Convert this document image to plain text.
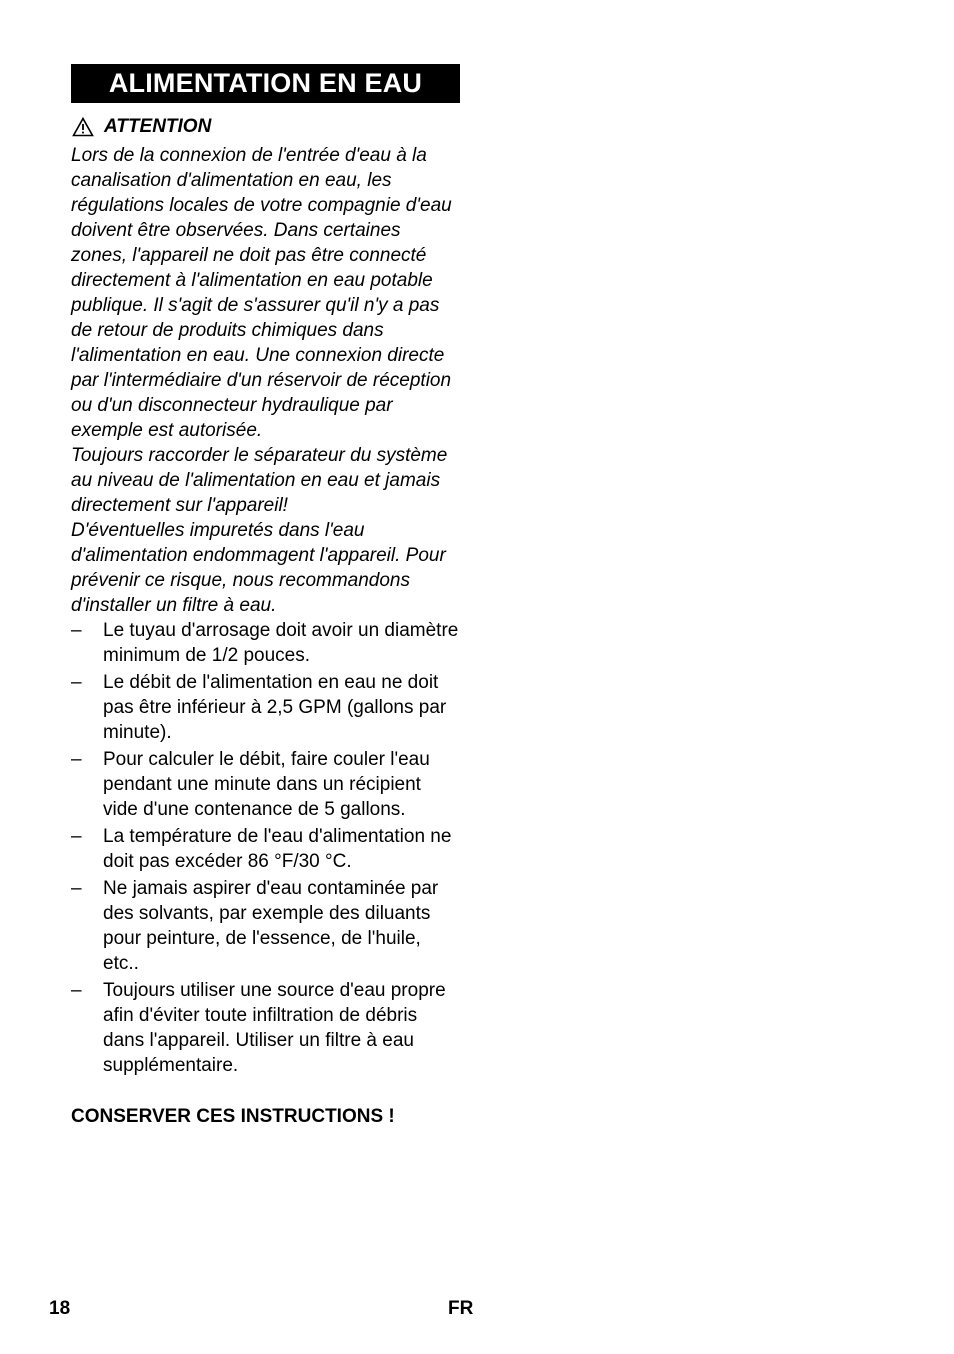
ALIMENTATION EN EAU
ATTENTION

Lors de la connexion de l'entrée d'eau à la canalisation d'alimentation en eau, les régulations locales de votre compagnie d'eau doivent être observées. Dans certaines zones, l'appareil ne doit pas être connecté directement à l'alimentation en eau potable publique. Il s'agit de s'assurer qu'il n'y a pas de retour de produits chimiques dans l'alimentation en eau. Une connexion directe par l'intermédiaire d'un réservoir de réception ou d'un disconnecteur hydraulique par exemple est autorisée.

Toujours raccorder le séparateur du système au niveau de l'alimentation en eau et jamais directement sur l'appareil!

D'éventuelles impuretés dans l'eau d'alimentation endommagent l'appareil. Pour prévenir ce risque, nous recommandons d'installer un filtre à eau.

– Le tuyau d'arrosage doit avoir un diamètre minimum de 1/2 pouces.
– Le débit de l'alimentation en eau ne doit pas être inférieur à 2,5 GPM (gallons par minute).
– Pour calculer le débit, faire couler l'eau pendant une minute dans un récipient vide d'une contenance de 5 gallons.
– La température de l'eau d'alimentation ne doit pas excéder 86 °F/30 °C.
– Ne jamais aspirer d'eau contaminée par des solvants, par exemple des diluants pour peinture, de l'essence, de l'huile, etc..
– Toujours utiliser une source d'eau propre afin d'éviter toute infiltration de débris dans l'appareil. Utiliser un filtre à eau supplémentaire.
CONSERVER CES INSTRUCTIONS !
18	FR
